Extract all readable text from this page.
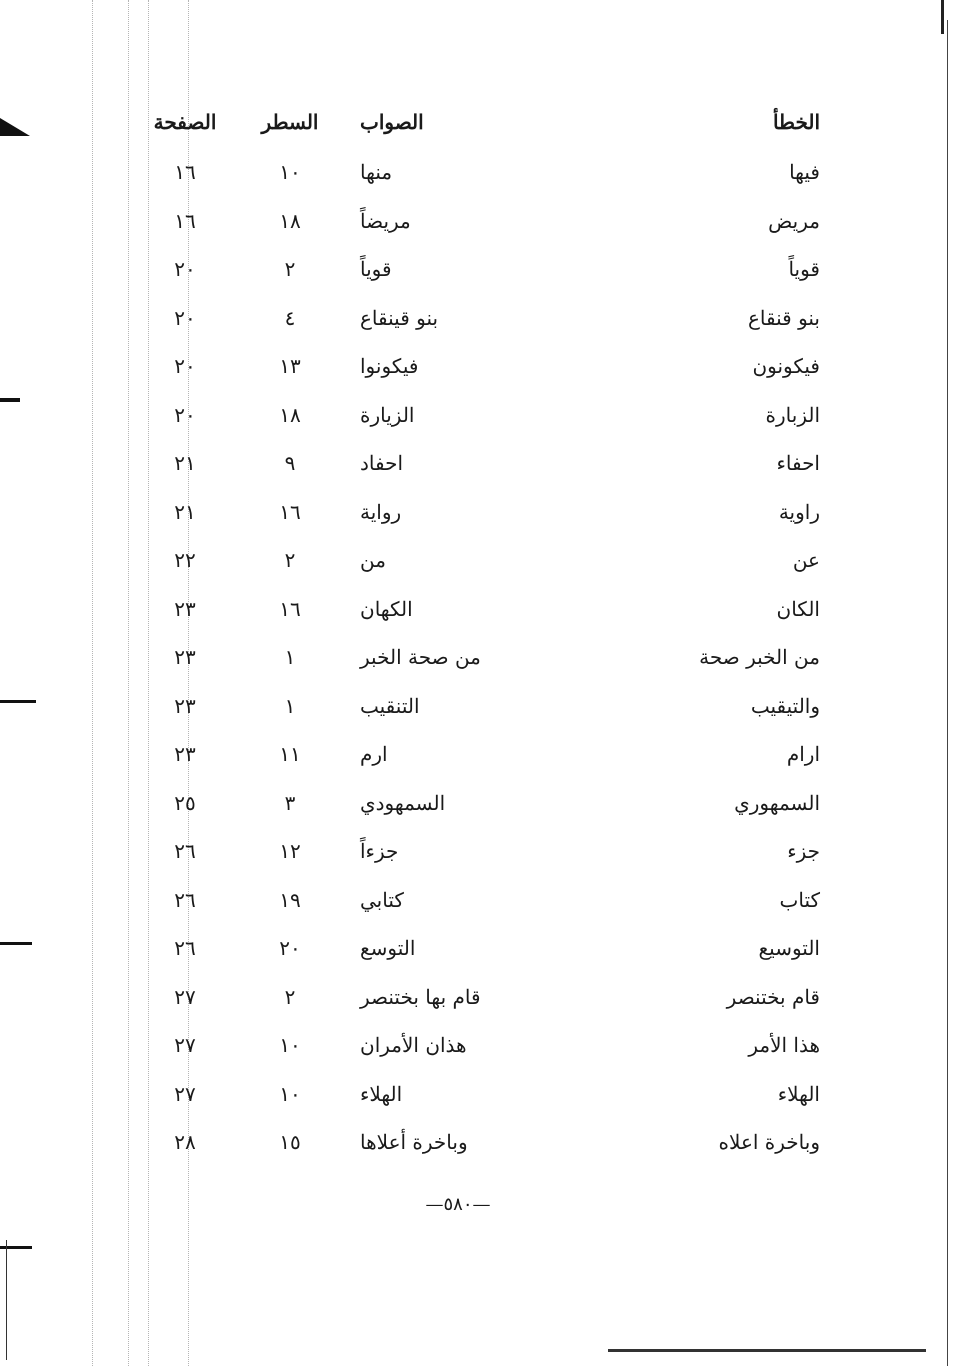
الخطأ	الصواب	السطر	الصفحة
فيها	منها	١٠	١٦
مريض	مريضاً	١٨	١٦
قوياً	قوياً	٢	٢٠
بنو قنقاع	بنو قينقاع	٤	٢٠
فيكونون	فيكونوا	١٣	٢٠
الزبارة	الزيارة	١٨	٢٠
احفاء	احفاد	٩	٢١
راوية	رواية	١٦	٢١
عن	من	٢	٢٢
الكان	الكهان	١٦	٢٣
من الخبر صحة	من صحة الخبر	١	٢٣
والتيقيب	التنقيب	١	٢٣
ارام	ارم	١١	٢٣
السمهوري	السمهودي	٣	٢٥
جزء	جزءاً	١٢	٢٦
كتاب	كتابي	١٩	٢٦
التوسيع	التوسع	٢٠	٢٦
قام بختنصر	قام بها بختنصر	٢	٢٧
هذا الأمر	هذان الأمران	١٠	٢٧
الهلاء	الهلاء	١٠	٢٧
وباخرة اعلاه	وباخرة أعلاها	١٥	٢٨
—٥٨٠—
